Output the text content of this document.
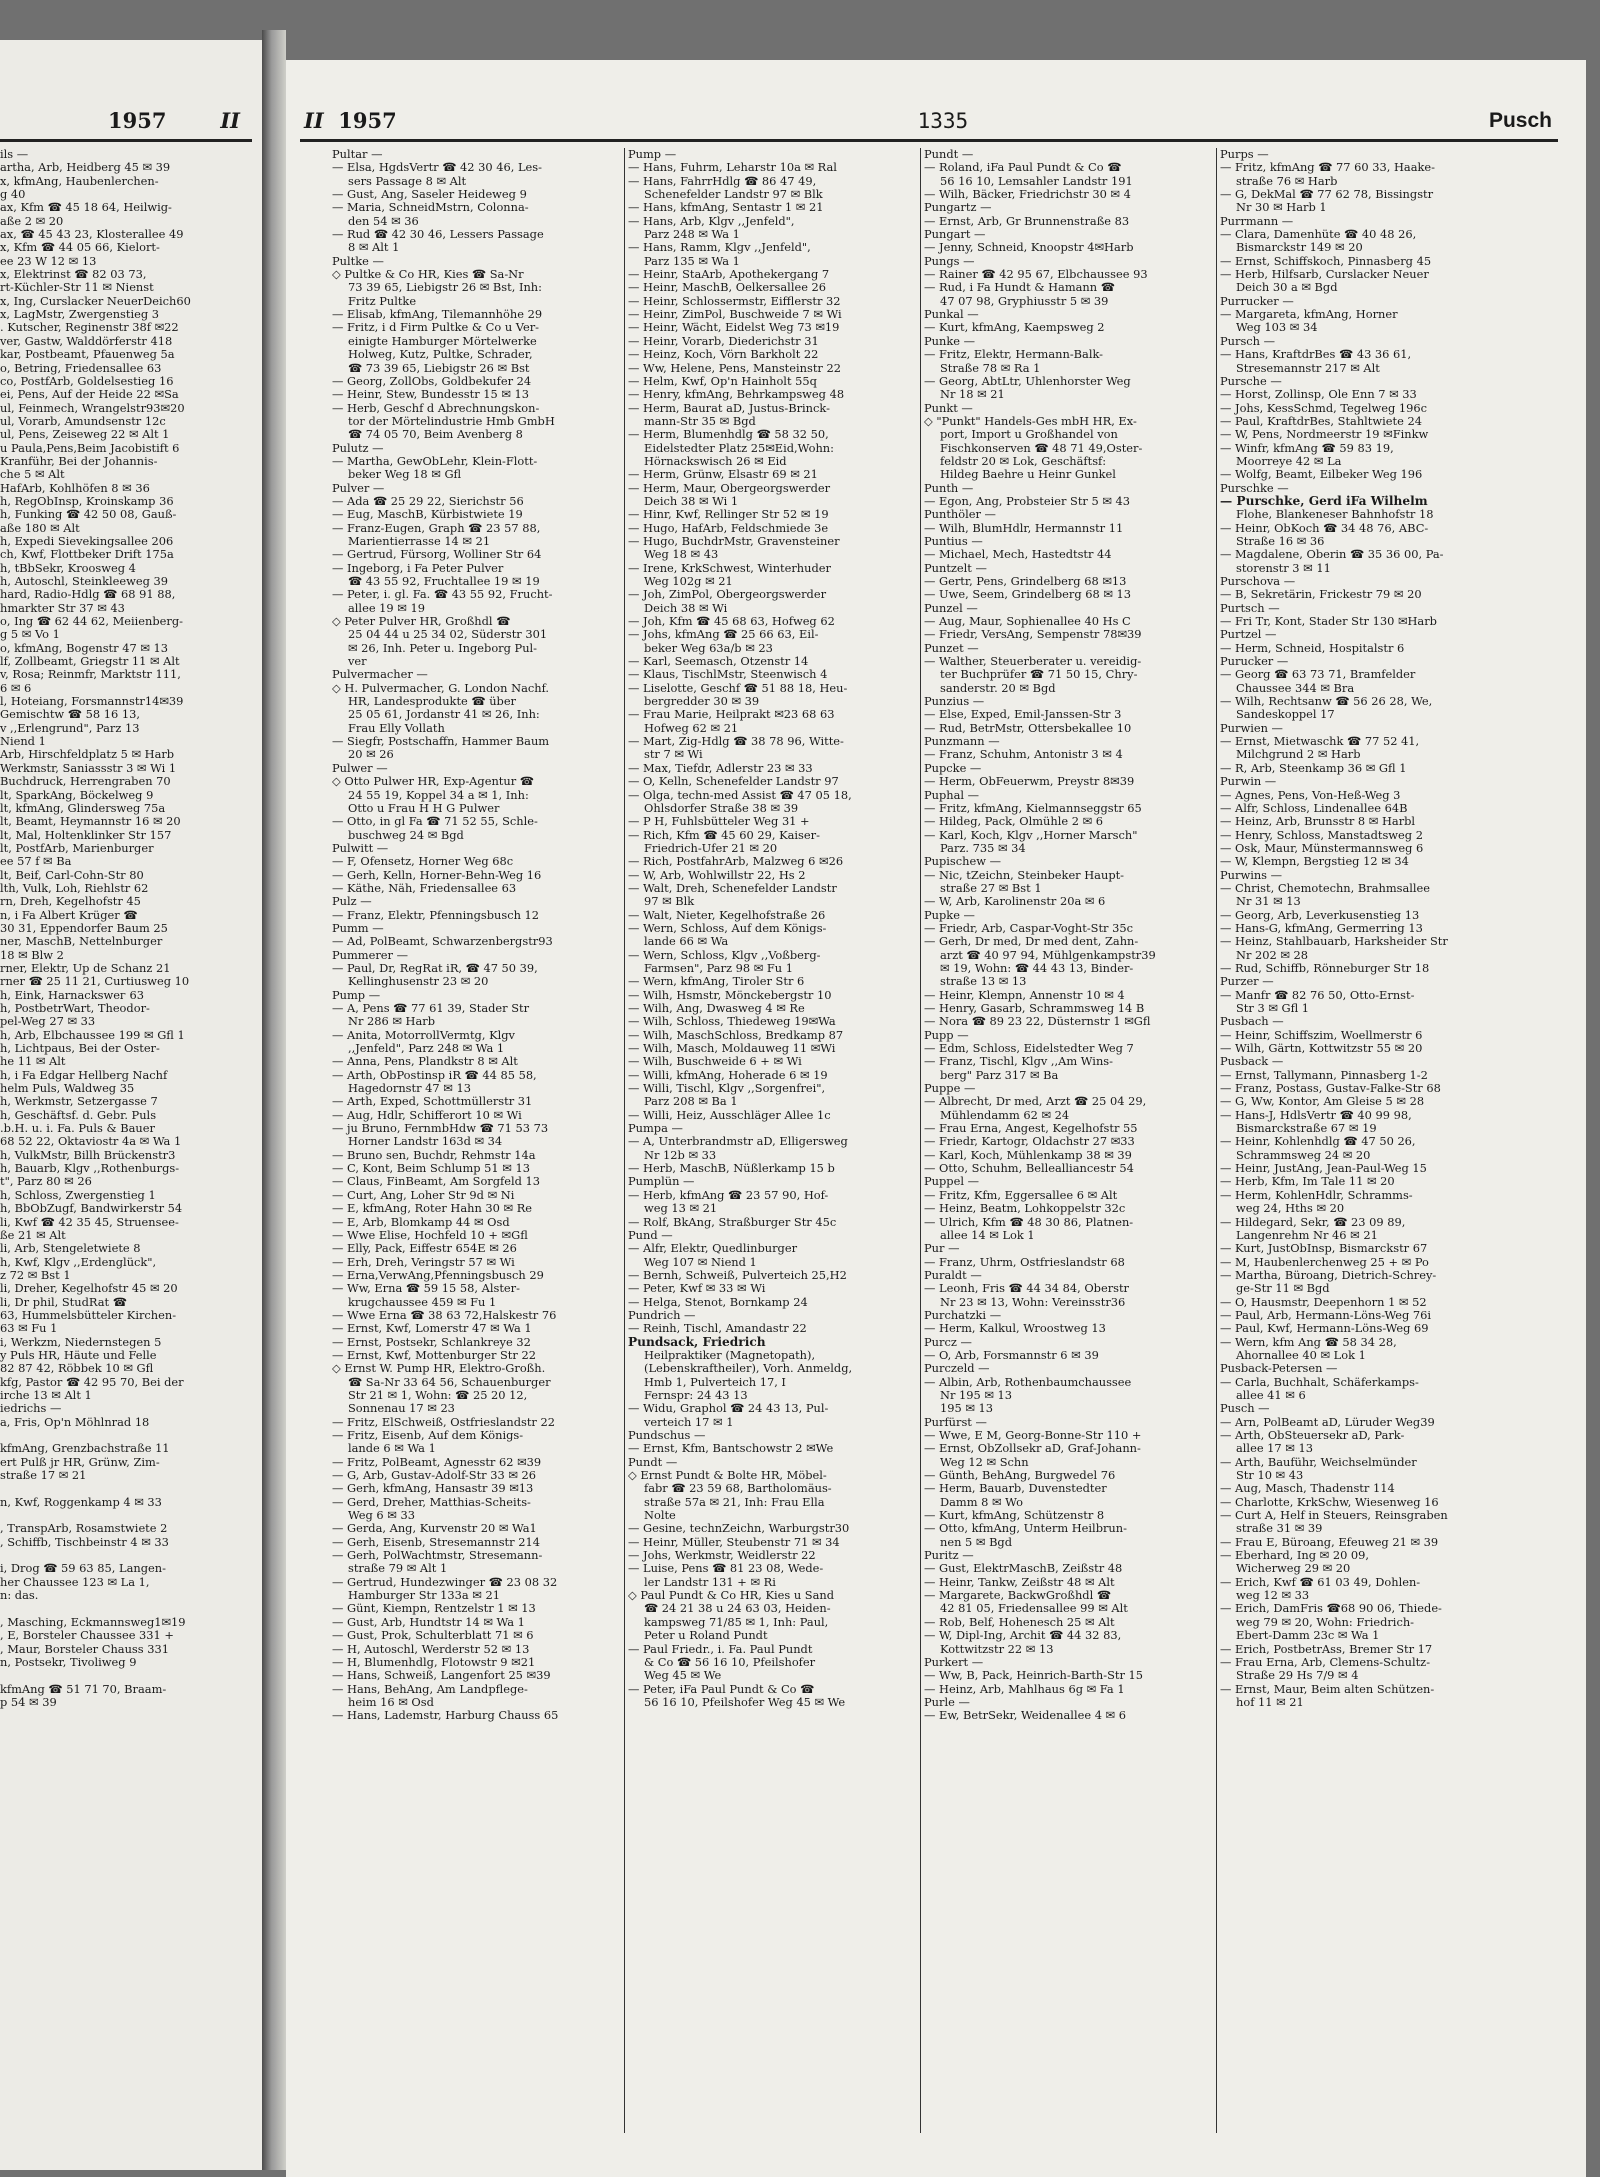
1957	II	II 1957	1335	Pusch

ils —

artha, Arb, Heidberg 45 ✉ 39

x, kfmAng, Haubenlerchen-

g 40

ax, Kfm ☎ 45 18 64, Heilwig-

aße 2 ✉ 20

ax, ☎ 45 43 23, Klosterallee 49

x, Kfm ☎ 44 05 66, Kielort-

ee 23 W 12 ✉ 13

x, Elektrinst ☎ 82 03 73,

rt-Küchler-Str 11 ✉ Nienst

x, Ing, Curslacker NeuerDeich60

x, LagMstr, Zwergenstieg 3

. Kutscher, Reginenstr 38f ✉22

ver, Gastw, Walddörferstr 418

kar, Postbeamt, Pfauenweg 5a

o, Betring, Friedensallee 63

co, PostfArb, Goldelsestieg 16

ei, Pens, Auf der Heide 22 ✉Sa

ul, Feinmech, Wrangelstr93✉20

ul, Vorarb, Amundsenstr 12c

ul, Pens, Zeiseweg 22 ✉ Alt 1

u Paula,Pens,Beim Jacobistift 6

Kranführ, Bei der Johannis-

che 5 ✉ Alt

HafArb, Kohlhöfen 8 ✉ 36

h, RegObInsp, Kroinskamp 36

h, Funking ☎ 42 50 08, Gauß-

aße 180 ✉ Alt

h, Expedi Sievekingsallee 206

ch, Kwf, Flottbeker Drift 175a

h, tBbSekr, Kroosweg 4

h, Autoschl, Steinkleeweg 39

hard, Radio-Hdlg ☎ 68 91 88,

hmarkter Str 37 ✉ 43

o, Ing ☎ 62 44 62, Meiienberg-

g 5 ✉ Vo 1

o, kfmAng, Bogenstr 47 ✉ 13

lf, Zollbeamt, Griegstr 11 ✉ Alt

v, Rosa; Reinmfr, Marktstr 111,

6 ✉ 6

l, Hoteiang, Forsmannstr14✉39

Gemischtw ☎ 58 16 13,

v ,,Erlengrund", Parz 13

Niend 1

Arb, Hirschfeldplatz 5 ✉ Harb

Werkmstr, Saniassstr 3 ✉ Wi 1

Buchdruck, Herrengraben 70

lt, SparkAng, Böckelweg 9

lt, kfmAng, Glindersweg 75a

lt, Beamt, Heymannstr 16 ✉ 20

lt, Mal, Holtenklinker Str 157

lt, PostfArb, Marienburger

ee 57 f ✉ Ba

lt, Beif, Carl-Cohn-Str 80

lth, Vulk, Loh, Riehlstr 62

rn, Dreh, Kegelhofstr 45

n, i Fa Albert Krüger ☎

30 31, Eppendorfer Baum 25

ner, MaschB, Nettelnburger

18 ✉ Blw 2

rner, Elektr, Up de Schanz 21

rner ☎ 25 11 21, Curtiusweg 10

h, Eink, Harnackswег 63

h, PostbetrWart, Theodor-

pel-Weg 27 ✉ 33

h, Arb, Elbchaussee 199 ✉ Gfl 1

h, Lichtpaus, Bei der Oster-

he 11 ✉ Alt

h, i Fa Edgar Hellberg Nachf

helm Puls, Waldweg 35

h, Werkmstr, Setzergasse 7

h, Geschäftsf. d. Gebr. Puls

.b.H. u. i. Fa. Puls & Bauer

68 52 22, Oktaviostr 4a ✉ Wa 1

h, VulkMstr, Billh Brückenstr3

h, Bauarb, Klgv ,,Rothenburgs-

t", Parz 80 ✉ 26

h, Schloss, Zwergenstieg 1

h, BbObZugf, Bandwirkerstr 54

li, Kwf ☎ 42 35 45, Struensee-

ße 21 ✉ Alt

li, Arb, Stengeletwiete 8

h, Kwf, Klgv ,,Erdenglück",

z 72 ✉ Bst 1

li, Dreher, Kegelhofstr 45 ✉ 20

li, Dr phil, StudRat ☎

63, Hummelsbütteler Kirchen-

63 ✉ Fu 1

i, Werkzm, Niedernstegen 5

y Puls HR, Häute und Felle

82 87 42, Röbbek 10 ✉ Gfl

kfg, Pastor ☎ 42 95 70, Bei der

irche 13 ✉ Alt 1

iedrichs —

a, Fris, Op'n Möhlnrad 18

kfmAng, Grenzbachstraße 11

ert Pulß jr HR, Grünw, Zim-

straße 17 ✉ 21

n, Kwf, Roggenkamp 4 ✉ 33

, TranspArb, Rosamstwiete 2

, Schiffb, Tischbeinstr 4 ✉ 33

i, Drog ☎ 59 63 85, Langen-

her Chaussee 123 ✉ La 1,

n: das.

, Masching, Eckmannsweg1✉19

, E, Borsteler Chaussee 331 +

, Maur, Borsteler Chauss 331

n, Postsekr, Tivoliweg 9

kfmAng ☎ 51 71 70, Braam-

p 54 ✉ 39

Pultar —

— Elsa, HgdsVertr ☎ 42 30 46, Les-

sers Passage 8 ✉ Alt

— Gust, Ang, Saseler Heideweg 9

— Maria, SchneidMstrn, Colonna-

den 54 ✉ 36

— Rud ☎ 42 30 46, Lessers Passage

8 ✉ Alt 1

Pultke —

◇ Pultke & Co HR, Kies ☎ Sa-Nr

73 39 65, Liebigstr 26 ✉ Bst, Inh:

Fritz Pultke

— Elisab, kfmAng, Tilemannhöhe 29

— Fritz, i d Firm Pultke & Co u Ver-

einigte Hamburger Mörtelwerke

Holweg, Kutz, Pultke, Schrader,

☎ 73 39 65, Liebigstr 26 ✉ Bst

— Georg, ZollObs, Goldbekufer 24

— Heinr, Stew, Bundesstr 15 ✉ 13

— Herb, Geschf d Abrechnungskon-

tor der Mörtelindustrie Hmb GmbH

☎ 74 05 70, Beim Avenberg 8

Pulutz —

— Martha, GewObLehr, Klein-Flott-

beker Weg 18 ✉ Gfl

Pulver —

— Ada ☎ 25 29 22, Sierichstr 56

— Eug, MaschB, Kürbistwiete 19

— Franz-Eugen, Graph ☎ 23 57 88,

Marientierrasse 14 ✉ 21

— Gertrud, Fürsorg, Wolliner Str 64

— Ingeborg, i Fa Peter Pulver

☎ 43 55 92, Fruchtallee 19 ✉ 19

— Peter, i. gl. Fa. ☎ 43 55 92, Frucht-

allee 19 ✉ 19

◇ Peter Pulver HR, Großhdl ☎

25 04 44 u 25 34 02, Süderstr 301

✉ 26, Inh. Peter u. Ingeborg Pul-

ver

Pulvermacher —

◇ H. Pulvermacher, G. London Nachf.

HR, Landesprodukte ☎ über

25 05 61, Jordanstr 41 ✉ 26, Inh:

Frau Elly Vollath

— Siegfr, Postschaffn, Hammer Baum

20 ✉ 26

Pulwer —

◇ Otto Pulwer HR, Exp-Agentur ☎

24 55 19, Koppel 34 a ✉ 1, Inh:

Otto u Frau H H G Pulwer

— Otto, in gl Fa ☎ 71 52 55, Schle-

buschweg 24 ✉ Bgd

Pulwitt —

— F, Ofensetz, Horner Weg 68c

— Gerh, Kelln, Horner-Behn-Weg 16

— Käthe, Näh, Friedensallee 63

Pulz —

— Franz, Elektr, Pfenningsbusch 12

Pumm —

— Ad, PolBeamt, Schwarzenbergstr93

Pummerer —

— Paul, Dr, RegRat iR, ☎ 47 50 39,

Kellinghusenstr 23 ✉ 20

Pump —

— A, Pens ☎ 77 61 39, Stader Str

Nr 286 ✉ Harb

— Anita, MotorrollVermtg, Klgv

,,Jenfeld", Parz 248 ✉ Wa 1

— Anna, Pens, Plandkstr 8 ✉ Alt

— Arth, ObPostinsp iR ☎ 44 85 58,

Hagedornstr 47 ✉ 13

— Arth, Exped, Schottmüllerstr 31

— Aug, Hdlr, Schifferort 10 ✉ Wi

— ju Bruno, FernmbHdw ☎ 71 53 73

Horner Landstr 163d ✉ 34

— Bruno sen, Buchdr, Rehmstr 14a

— C, Kont, Beim Schlump 51 ✉ 13

— Claus, FinBeamt, Am Sorgfeld 13

— Curt, Ang, Loher Str 9d ✉ Ni

— E, kfmAng, Roter Hahn 30 ✉ Re

— E, Arb, Blomkamp 44 ✉ Osd

— Wwe Elise, Hochfeld 10 + ✉Gfl

— Elly, Pack, Eiffestr 654E ✉ 26

— Erh, Dreh, Veringstr 57 ✉ Wi

— Erna,VerwAng,Pfenningsbusch 29

— Ww, Erna ☎ 59 15 58, Alster-

krugchaussee 459 ✉ Fu 1

— Wwe Erna ☎ 38 63 72,Halskestr 76

— Ernst, Kwf, Lomerstr 47 ✉ Wa 1

— Ernst, Postsekr, Schlankreye 32

— Ernst, Kwf, Mottenburger Str 22

◇ Ernst W. Pump HR, Elektro-Großh.

☎ Sa-Nr 33 64 56, Schauenburger

Str 21 ✉ 1, Wohn: ☎ 25 20 12,

Sonnenau 17 ✉ 23

— Fritz, ElSchweiß, Ostfrieslandstr 22

— Fritz, Eisenb, Auf dem Königs-

lande 6 ✉ Wa 1

— Fritz, PolBeamt, Agnesstr 62 ✉39

— G, Arb, Gustav-Adolf-Str 33 ✉ 26

— Gerh, kfmAng, Hansastr 39 ✉13

— Gerd, Dreher, Matthias-Scheits-

Weg 6 ✉ 33

— Gerda, Ang, Kurvenstr 20 ✉ Wa1

— Gerh, Eisenb, Stresemannstr 214

— Gerh, PolWachtmstr, Stresemann-

straße 79 ✉ Alt 1

— Gertrud, Hundezwinger ☎ 23 08 32

Hamburger Str 133a ✉ 21

— Günt, Kiempn, Rentzelstr 1 ✉ 13

— Gust, Arb, Hundtstr 14 ✉ Wa 1

— Gust, Prok, Schulterblatt 71 ✉ 6

— H, Autoschl, Werderstr 52 ✉ 13

— H, Blumenhdlg, Flotowstr 9 ✉21

— Hans, Schweiß, Langenfort 25 ✉39

— Hans, BehAng, Am Landpflege-

heim 16 ✉ Osd

— Hans, Lademstr, Harburg Chauss 65

Pump —

— Hans, Fuhrm, Leharstr 10a ✉ Ral

— Hans, FahrrHdlg ☎ 86 47 49,

Schenefelder Landstr 97 ✉ Blk

— Hans, kfmAng, Sentastr 1 ✉ 21

— Hans, Arb, Klgv ,,Jenfeld",

Parz 248 ✉ Wa 1

— Hans, Ramm, Klgv ,,Jenfeld",

Parz 135 ✉ Wa 1

— Heinr, StaArb, Apothekergang 7

— Heinr, MaschB, Oelkersallee 26

— Heinr, Schlossermstr, Eifflerstr 32

— Heinr, ZimPol, Buschweide 7 ✉ Wi

— Heinr, Wächt, Eidelst Weg 73 ✉19

— Heinr, Vorarb, Diederichstr 31

— Heinz, Koch, Vörn Barkholt 22

— Ww, Helene, Pens, Mansteinstr 22

— Helm, Kwf, Op'n Hainholt 55q

— Henry, kfmAng, Behrkampsweg 48

— Herm, Baurat aD, Justus-Brinck-

mann-Str 35 ✉ Bgd

— Herm, Blumenhdlg ☎ 58 32 50,

Eidelstedter Platz 25✉Eid,Wohn:

Hörnackswisch 26 ✉ Eid

— Herm, Grünw, Elsastr 69 ✉ 21

— Herm, Maur, Obergeorgswerder

Deich 38 ✉ Wi 1

— Hinr, Kwf, Rellinger Str 52 ✉ 19

— Hugo, HafArb, Feldschmiede 3e

— Hugo, BuchdrMstr, Gravensteiner

Weg 18 ✉ 43

— Irene, KrkSchwest, Winterhuder

Weg 102g ✉ 21

— Joh, ZimPol, Obergeorgswerder

Deich 38 ✉ Wi

— Joh, Kfm ☎ 45 68 63, Hofweg 62

— Johs, kfmAng ☎ 25 66 63, Eil-

beker Weg 63a/b ✉ 23

— Karl, Seemasch, Otzenstr 14

— Klaus, TischlMstr, Steenwisch 4

— Liselotte, Geschf ☎ 51 88 18, Heu-

bergredder 30 ✉ 39

— Frau Marie, Heilprakt ✉23 68 63

Hofweg 62 ✉ 21

— Mart, Zig-Hdlg ☎ 38 78 96, Witte-

str 7 ✉ Wi

— Max, Tiefdr, Adlerstr 23 ✉ 33

— O, Kelln, Schenefelder Landstr 97

— Olga, techn-med Assist ☎ 47 05 18,

Ohlsdorfer Straße 38 ✉ 39

— P H, Fuhlsbütteler Weg 31 +

— Rich, Kfm ☎ 45 60 29, Kaiser-

Friedrich-Ufer 21 ✉ 20

— Rich, PostfahrArb, Malzweg 6 ✉26

— W, Arb, Wohlwillstr 22, Hs 2

— Walt, Dreh, Schenefelder Landstr

97 ✉ Blk

— Walt, Nieter, Kegelhofstraße 26

— Wern, Schloss, Auf dem Königs-

lande 66 ✉ Wa

— Wern, Schloss, Klgv ,,Voßberg-

Farmsen", Parz 98 ✉ Fu 1

— Wern, kfmAng, Tiroler Str 6

— Wilh, Hsmstr, Mönckebergstr 10

— Wilh, Ang, Dwasweg 4 ✉ Re

— Wilh, Schloss, Thiedeweg 19✉Wa

— Wilh, MaschSchloss, Bredkamp 87

— Wilh, Masch, Moldauweg 11 ✉Wi

— Wilh, Buschweide 6 + ✉ Wi

— Willi, kfmAng, Hoherade 6 ✉ 19

— Willi, Tischl, Klgv ,,Sorgenfrei",

Parz 208 ✉ Ba 1

— Willi, Heiz, Ausschläger Allee 1c

Pumpa —

— A, Unterbrandmstr aD, Elligersweg

Nr 12b ✉ 33

— Herb, MaschB, Nüßlerkamp 15 b

Pumplün —

— Herb, kfmAng ☎ 23 57 90, Hof-

weg 13 ✉ 21

— Rolf, BkAng, Straßburger Str 45c

Pund —

— Alfr, Elektr, Quedlinburger

Weg 107 ✉ Niend 1

— Bernh, Schweiß, Pulverteich 25,H2

— Peter, Kwf ✉ 33 ✉ Wi

— Helga, Stenot, Bornkamp 24

Pundrich —

— Reinh, Tischl, Amandastr 22

Pundsack, Friedrich

Heilpraktiker (Magnetopath),

(Lebenskraftheiler), Vorh. Anmeldg,

Hmb 1, Pulverteich 17, I

Fernspr: 24 43 13

— Widu, Graphol ☎ 24 43 13, Pul-

verteich 17 ✉ 1

Pundschus —

— Ernst, Kfm, Bantschowstr 2 ✉We

Pundt —

◇ Ernst Pundt & Bolte HR, Möbel-

fabr ☎ 23 59 68, Bartholomäus-

straße 57a ✉ 21, Inh: Frau Ella

Nolte

— Gesine, technZeichn, Warburgstr30

— Heinr, Müller, Steubenstr 71 ✉ 34

— Johs, Werkmstr, Weidlerstr 22

— Luise, Pens ☎ 81 23 08, Wede-

ler Landstr 131 + ✉ Ri

◇ Paul Pundt & Co HR, Kies u Sand

☎ 24 21 38 u 24 63 03, Heiden-

kampsweg 71/85 ✉ 1, Inh: Paul,

Peter u Roland Pundt

— Paul Friedr., i. Fa. Paul Pundt

& Co ☎ 56 16 10, Pfeilshofer

Weg 45 ✉ We

— Peter, iFa Paul Pundt & Co ☎

56 16 10, Pfeilshofer Weg 45 ✉ We

Pundt —

— Roland, iFa Paul Pundt & Co ☎

56 16 10, Lemsahler Landstr 191

— Wilh, Bäcker, Friedrichstr 30 ✉ 4

Pungartz —

— Ernst, Arb, Gr Brunnenstraße 83

Pungart —

— Jenny, Schneid, Knoopstr 4✉Harb

Pungs —

— Rainer ☎ 42 95 67, Elbchaussee 93

— Rud, i Fa Hundt & Hamann ☎

47 07 98, Gryphiusstr 5 ✉ 39

Punkal —

— Kurt, kfmAng, Kaempsweg 2

Punke —

— Fritz, Elektr, Hermann-Balk-

Straße 78 ✉ Ra 1

— Georg, AbtLtr, Uhlenhorster Weg

Nr 18 ✉ 21

Punkt —

◇ "Punkt" Handels-Ges mbH HR, Ex-

port, Import u Großhandel von

Fischkonserven ☎ 48 71 49,Oster-

feldstr 20 ✉ Lok, Geschäftsf:

Hildeg Baehre u Heinr Gunkel

Punth —

— Egon, Ang, Probsteier Str 5 ✉ 43

Punthöler —

— Wilh, BlumHdlr, Hermannstr 11

Puntius —

— Michael, Mech, Hastedtstr 44

Puntzelt —

— Gertr, Pens, Grindelberg 68 ✉13

— Uwe, Seem, Grindelberg 68 ✉ 13

Punzel —

— Aug, Maur, Sophienallee 40 Hs C

— Friedr, VersAng, Sempenstr 78✉39

Punzet —

— Walther, Steuerberater u. vereidig-

ter Buchprüfer ☎ 71 50 15, Chry-

sanderstr. 20 ✉ Bgd

Punzius —

— Else, Exped, Emil-Janssen-Str 3

— Rud, BetrMstr, Ottersbekallee 10

Punzmann —

— Franz, Schuhm, Antonistr 3 ✉ 4

Pupcke —

— Herm, ObFeuerwm, Preystr 8✉39

Puphal —

— Fritz, kfmAng, Kielmannseggstr 65

— Hildeg, Pack, Olmühle 2 ✉ 6

— Karl, Koch, Klgv ,,Horner Marsch"

Parz. 735 ✉ 34

Pupischew —

— Nic, tZeichn, Steinbeker Haupt-

straße 27 ✉ Bst 1

— W, Arb, Karolinenstr 20a ✉ 6

Pupke —

— Friedr, Arb, Caspar-Voght-Str 35c

— Gerh, Dr med, Dr med dent, Zahn-

arzt ☎ 40 97 94, Mühlgenkampstr39

✉ 19, Wohn: ☎ 44 43 13, Binder-

straße 13 ✉ 13

— Heinr, Klempn, Annenstr 10 ✉ 4

— Henry, Gasarb, Schrammsweg 14 B

— Nora ☎ 89 23 22, Düsternstr 1 ✉Gfl

Pupp —

— Edm, Schloss, Eidelstedter Weg 7

— Franz, Tischl, Klgv ,,Am Wins-

berg" Parz 317 ✉ Ba

Puppe —

— Albrecht, Dr med, Arzt ☎ 25 04 29,

Mühlendamm 62 ✉ 24

— Frau Erna, Angest, Kegelhofstr 55

— Friedr, Kartogr, Oldachstr 27 ✉33

— Karl, Koch, Mühlenkamp 38 ✉ 39

— Otto, Schuhm, Belleallianсestr 54

Puppel —

— Fritz, Kfm, Eggersallee 6 ✉ Alt

— Heinz, Beatm, Lohkoppelstr 32c

— Ulrich, Kfm ☎ 48 30 86, Platnen-

allee 14 ✉ Lok 1

Pur —

— Franz, Uhrm, Ostfrieslandstr 68

Puraldt —

— Leonh, Fris ☎ 44 34 84, Oberstr

Nr 23 ✉ 13, Wohn: Vereinsstr36

Purchatzki —

— Herm, Kalkul, Wroostweg 13

Purcz —

— O, Arb, Forsmannstr 6 ✉ 39

Purczeld —

— Albin, Arb, Rothenbaumchaussee

Nr 195 ✉ 13

195 ✉ 13

Purfürst —

— Wwe, E M, Georg-Bonne-Str 110 +

— Ernst, ObZollsekr aD, Graf-Johann-

Weg 12 ✉ Schn

— Günth, BehAng, Burgwedel 76

— Herm, Bauarb, Duvenstedter

Damm 8 ✉ Wo

— Kurt, kfmAng, Schützenstr 8

— Otto, kfmAng, Unterm Heilbrun-

nen 5 ✉ Bgd

Puritz —

— Gust, ElektrMaschB, Zeißstr 48

— Heinr, Tankw, Zeißstr 48 ✉ Alt

— Margarete, BackwGroßhdl ☎

42 81 05, Friedensallee 99 ✉ Alt

— Rob, Belf, Hohenesch 25 ✉ Alt

— W, Dipl-Ing, Archit ☎ 44 32 83,

Kottwitzstr 22 ✉ 13

Purkert —

— Ww, B, Pack, Heinrich-Barth-Str 15

— Heinz, Arb, Mahlhaus 6g ✉ Fa 1

Purle —

— Ew, BetrSekr, Weidenallee 4 ✉ 6

Purps —

— Fritz, kfmAng ☎ 77 60 33, Haake-

straße 76 ✉ Harb

— G, DekMal ☎ 77 62 78, Bissingstr

Nr 30 ✉ Harb 1

Purrmann —

— Clara, Damenhüte ☎ 40 48 26,

Bismarckstr 149 ✉ 20

— Ernst, Schiffskoch, Pinnasberg 45

— Herb, Hilfsarb, Curslacker Neuer

Deich 30 a ✉ Bgd

Purrucker —

— Margareta, kfmAng, Horner

Weg 103 ✉ 34

Pursch —

— Hans, KraftdrBes ☎ 43 36 61,

Stresemannstr 217 ✉ Alt

Pursche —

— Horst, Zollinsp, Ole Enn 7 ✉ 33

— Johs, KessSchmd, Tegelweg 196c

— Paul, KraftdrBes, Stahltwiete 24

— W, Pens, Nordmeerstr 19 ✉Finkw

— Winfr, kfmAng ☎ 59 83 19,

Moorreye 42 ✉ La

— Wolfg, Beamt, Eilbeker Weg 196

Purschke —

— Purschke, Gerd iFa Wilhelm

Flohe, Blankeneser Bahnhofstr 18

— Heinr, ObKoch ☎ 34 48 76, ABC-

Straße 16 ✉ 36

— Magdalene, Oberin ☎ 35 36 00, Pa-

storenstr 3 ✉ 11

Purschova —

— B, Sekretärin, Frickestr 79 ✉ 20

Purtsch —

— Fri Tr, Kont, Stader Str 130 ✉Harb

Purtzel —

— Herm, Schneid, Hospitalstr 6

Purucker —

— Georg ☎ 63 73 71, Bramfelder

Chaussee 344 ✉ Bra

— Wilh, Rechtsanw ☎ 56 26 28, We,

Sandeskoppel 17

Purwien —

— Ernst, Mietwaschk ☎ 77 52 41,

Milchgrund 2 ✉ Harb

— R, Arb, Steenkamp 36 ✉ Gfl 1

Purwin —

— Agnes, Pens, Von-Heß-Weg 3

— Alfr, Schloss, Lindenallee 64B

— Heinz, Arb, Brunsstr 8 ✉ Harbl

— Henry, Schloss, Manstadtsweg 2

— Osk, Maur, Münstermannsweg 6

— W, Klempn, Bergstieg 12 ✉ 34

Purwins —

— Christ, Chemotechn, Brahmsallee

Nr 31 ✉ 13

— Georg, Arb, Leverkusenstieg 13

— Hans-G, kfmAng, Germerring 13

— Heinz, Stahlbauarb, Harksheider Str

Nr 202 ✉ 28

— Rud, Schiffb, Rönneburger Str 18

Purzer —

— Manfr ☎ 82 76 50, Otto-Ernst-

Str 3 ✉ Gfl 1

Pusbach —

— Heinr, Schiffszim, Woellmerstr 6

— Wilh, Gärtn, Kottwitzstr 55 ✉ 20

Pusback —

— Ernst, Tallymann, Pinnasberg 1-2

— Franz, Postass, Gustav-Falke-Str 68

— G, Ww, Kontor, Am Gleise 5 ✉ 28

— Hans-J, HdlsVertr ☎ 40 99 98,

Bismarckstraße 67 ✉ 19

— Heinr, Kohlenhdlg ☎ 47 50 26,

Schrammsweg 24 ✉ 20

— Heinr, JustAng, Jean-Paul-Weg 15

— Herb, Kfm, Im Tale 11 ✉ 20

— Herm, KohlenHdlr, Schramms-

weg 24, Hths ✉ 20

— Hildegard, Sekr, ☎ 23 09 89,

Langenrehm Nr 46 ✉ 21

— Kurt, JustObInsp, Bismarckstr 67

— M, Haubenlerchenweg 25 + ✉ Po

— Martha, Büroang, Dietrich-Schrey-

ge-Str 11 ✉ Bgd

— O, Hausmstr, Deepenhorn 1 ✉ 52

— Paul, Arb, Hermann-Löns-Weg 76i

— Paul, Kwf, Hermann-Löns-Weg 69

— Wern, kfm Ang ☎ 58 34 28,

Ahornallee 40 ✉ Lok 1

Pusback-Petersen —

— Carla, Buchhalt, Schäferkamps-

allee 41 ✉ 6

Pusch —

— Arn, PolBeamt aD, Lüruder Weg39

— Arth, ObSteuersekr aD, Park-

allee 17 ✉ 13

— Arth, Bauführ, Weichselmünder

Str 10 ✉ 43

— Aug, Masch, Thadenstr 114

— Charlotte, KrkSchw, Wiesenweg 16

— Curt A, Helf in Steuers, Reinsgraben

straße 31 ✉ 39

— Frau E, Büroang, Efeuweg 21 ✉ 39

— Eberhard, Ing ✉ 20 09,

Wicherweg 29 ✉ 20

— Erich, Kwf ☎ 61 03 49, Dohlen-

weg 12 ✉ 33

— Erich, DamFris ☎68 90 06, Thiede-

weg 79 ✉ 20, Wohn: Friedrich-

Ebert-Damm 23c ✉ Wa 1

— Erich, PostbetrAss, Bremer Str 17

— Frau Erna, Arb, Clemens-Schultz-

Straße 29 Hs 7/9 ✉ 4

— Ernst, Maur, Beim alten Schützen-

hof 11 ✉ 21
